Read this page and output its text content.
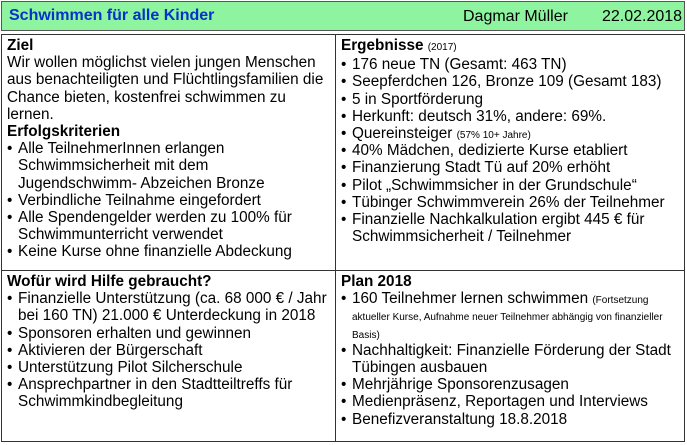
Schwimmen für alle Kinder	Dagmar Müller 22.02.2018
Ziel

Wir wollen möglichst vielen jungen Menschen aus benachteiligten und Flüchtlingsfamilien die Chance bieten, kostenfrei schwimmen zu lernen.

Erfolgskriterien
• Alle TeilnehmerInnen erlangen Schwimmsicherheit mit dem Jugendschwimm- Abzeichen Bronze
• Verbindliche Teilnahme eingefordert
• Alle Spendengelder werden zu 100% für Schwimmunterricht verwendet
• Keine Kurse ohne finanzielle Abdeckung
Ergebnisse (2017)
• 176 neue TN (Gesamt: 463 TN)
• Seepferdchen 126, Bronze 109 (Gesamt 183)
• 5 in Sportförderung
• Herkunft: deutsch 31%, andere: 69%.
• Quereinsteiger (57% 10+ Jahre)
• 40% Mädchen, dedizierte Kurse etabliert
• Finanzierung Stadt Tü auf 20% erhöht
• Pilot „Schwimmsicher in der Grundschule“
• Tübinger Schwimmverein 26% der Teilnehmer
• Finanzielle Nachkalkulation ergibt 445 € für Schwimmsicherheit / Teilnehmer
Wofür wird Hilfe gebraucht?
• Finanzielle Unterstützung (ca. 68 000 € / Jahr bei 160 TN) 21.000 € Unterdeckung in 2018
• Sponsoren erhalten und gewinnen
• Aktivieren der Bürgerschaft
• Unterstützung Pilot Silcherschule
• Ansprechpartner in den Stadtteiltreffs für Schwimmkindbegleitung
Plan 2018
• 160 Teilnehmer lernen schwimmen (Fortsetzung aktueller Kurse, Aufnahme neuer Teilnehmer abhängig von finanzieller Basis)
• Nachhaltigkeit: Finanzielle Förderung der Stadt Tübingen ausbauen
• Mehrjährige Sponsorenzusagen
• Medienpräsenz, Reportagen und Interviews
• Benefizveranstaltung 18.8.2018
